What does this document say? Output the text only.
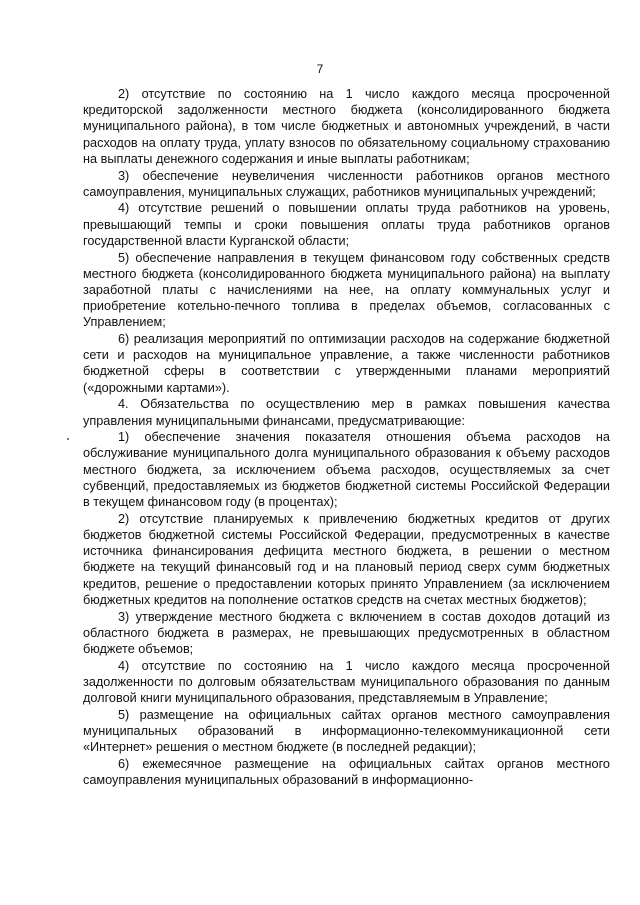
7

2) отсутствие по состоянию на 1 число каждого месяца просроченной кредиторской задолженности местного бюджета (консолидированного бюджета муниципального района), в том числе бюджетных и автономных учреждений, в части расходов на оплату труда, уплату взносов по обязательному социальному страхованию на выплаты денежного содержания и иные выплаты работникам;

3) обеспечение неувеличения численности работников органов местного самоуправления, муниципальных служащих, работников муниципальных учреждений;

4) отсутствие решений о повышении оплаты труда работников на уровень, превышающий темпы и сроки повышения оплаты труда работников органов государственной власти Курганской области;

5) обеспечение направления в текущем финансовом году собственных средств местного бюджета (консолидированного бюджета муниципального района) на выплату заработной платы с начислениями на нее, на оплату коммунальных услуг и приобретение котельно-печного топлива в пределах объемов, согласованных с Управлением;

6) реализация мероприятий по оптимизации расходов на содержание бюджетной сети и расходов на муниципальное управление, а также численности работников бюджетной сферы в соответствии с утвержденными планами мероприятий («дорожными картами»).

4. Обязательства по осуществлению мер в рамках повышения качества управления муниципальными финансами, предусматривающие:

1) обеспечение значения показателя отношения объема расходов на обслуживание муниципального долга муниципального образования к объему расходов местного бюджета, за исключением объема расходов, осуществляемых за счет субвенций, предоставляемых из бюджетов бюджетной системы Российской Федерации в текущем финансовом году (в процентах);

2) отсутствие планируемых к привлечению бюджетных кредитов от других бюджетов бюджетной системы Российской Федерации, предусмотренных в качестве источника финансирования дефицита местного бюджета, в решении о местном бюджете на текущий финансовый год и на плановый период сверх сумм бюджетных кредитов, решение о предоставлении которых принято Управлением (за исключением бюджетных кредитов на пополнение остатков средств на счетах местных бюджетов);

3) утверждение местного бюджета с включением в состав доходов дотаций из областного бюджета в размерах, не превышающих предусмотренных в областном бюджете объемов;

4) отсутствие по состоянию на 1 число каждого месяца просроченной задолженности по долговым обязательствам муниципального образования по данным долговой книги муниципального образования, представляемым в Управление;

5) размещение на официальных сайтах органов местного самоуправления муниципальных образований в информационно-телекоммуникационной сети «Интернет» решения о местном бюджете (в последней редакции);

6) ежемесячное размещение на официальных сайтах органов местного самоуправления муниципальных образований в информационно-
